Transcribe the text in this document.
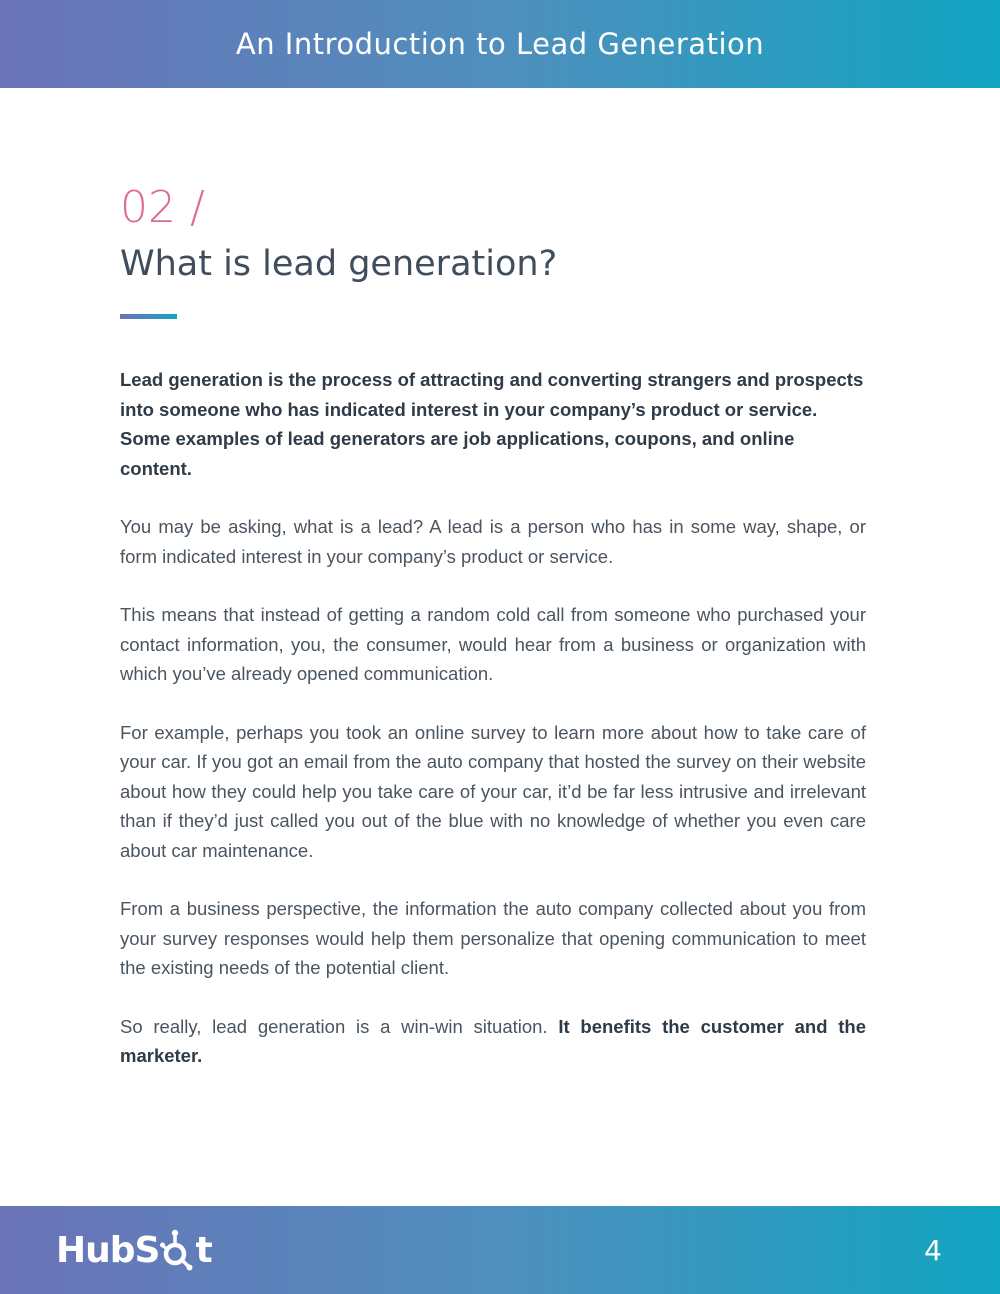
An Introduction to Lead Generation
02 /
What is lead generation?

Lead generation is the process of attracting and converting strangers and prospects into someone who has indicated interest in your company’s product or service. Some examples of lead generators are job applications, coupons, and online content.

You may be asking, what is a lead? A lead is a person who has in some way, shape, or form indicated interest in your company’s product or service.

This means that instead of getting a random cold call from someone who purchased your contact information, you, the consumer, would hear from a business or organization with which you’ve already opened communication.

For example, perhaps you took an online survey to learn more about how to take care of your car. If you got an email from the auto company that hosted the survey on their website about how they could help you take care of your car, it’d be far less intrusive and irrelevant than if they’d just called you out of the blue with no knowledge of whether you even care about car maintenance.

From a business perspective, the information the auto company collected about you from your survey responses would help them personalize that opening communication to meet the existing needs of the potential client.

So really, lead generation is a win-win situation. It benefits the customer and the marketer.

HubS t	4
